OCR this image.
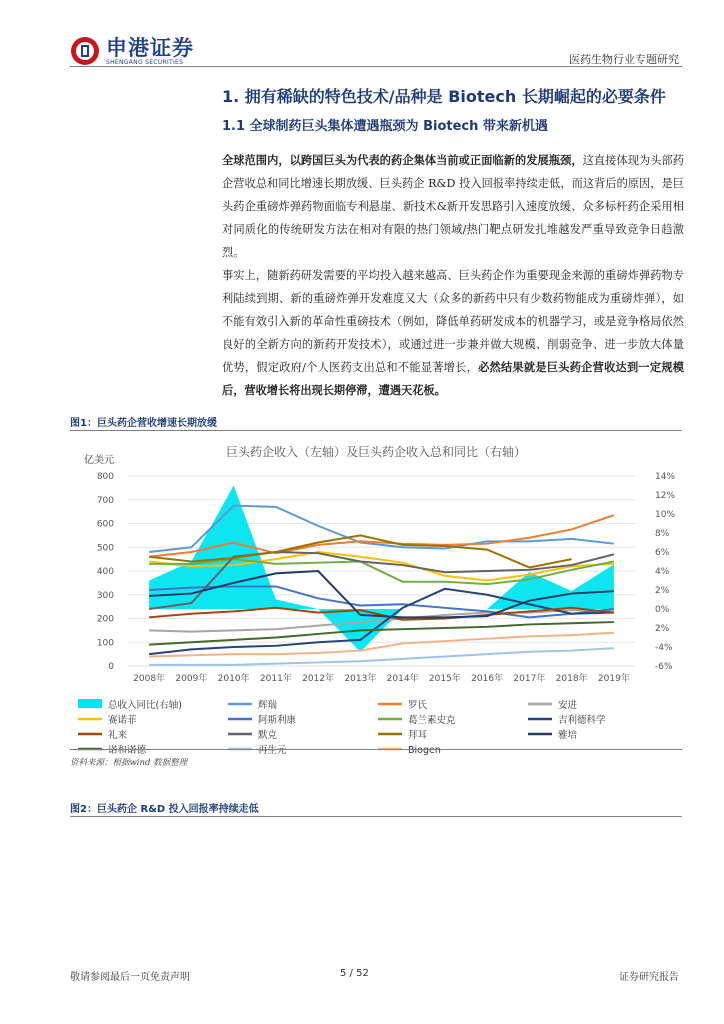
申港证券
SHENGANG SECURITIES	医药生物行业专题研究
1. 拥有稀缺的特色技术/品种是 Biotech 长期崛起的必要条件
1.1 全球制药巨头集体遭遇瓶颈为 Biotech 带来新机遇
全球范围内，以跨国巨头为代表的药企集体当前或正面临新的发展瓶颈，这直接体现为头部药企营收总和同比增速长期放缓、巨头药企 R&D 投入回报率持续走低，而这背后的原因，是巨头药企重磅炸弹药物面临专利悬崖、新技术&新开发思路引入速度放缓、众多标杆药企采用相对同质化的传统研发方法在相对有限的热门领域/热门靶点研发扎堆越发严重导致竞争日趋激烈。
事实上，随新药研发需要的平均投入越来越高、巨头药企作为重要现金来源的重磅炸弹药物专利陆续到期、新的重磅炸弹开发难度又大（众多的新药中只有少数药物能成为重磅炸弹），如不能有效引入新的革命性重磅技术（例如，降低单药研发成本的机器学习，或是竞争格局依然良好的全新方向的新药开发技术），或通过进一步兼并做大规模、削弱竞争、进一步放大体量优势，假定政府/个人医药支出总和不能显著增长，必然结果就是巨头药企营收达到一定规模后，营收增长将出现长期停滞，遭遇天花板。
图1：巨头药企营收增速长期放缓
巨头药企收入（左轴）及巨头药企收入总和同比（右轴）
亿美元
0
100
200
300
400
500
600
700
800	14%
12%
10%
8%
6%
4%
2%
0%
2%
-4%
-6%
2008年 2009年 2010年 2011年 2012年 2013年 2014年 2015年 2016年 2017年 2018年 2019年
总收入同比(右轴)	辉瑞	罗氏	安进
赛诺菲	阿斯利康	葛兰素史克	吉利德科学
礼来	默克	拜耳	雅培
诺和诺德	再生元	Biogen
资料来源：根据wind 数据整理
图2：巨头药企 R&D 投入回报率持续走低
敬请参阅最后一页免责声明	5 / 52	证券研究报告
